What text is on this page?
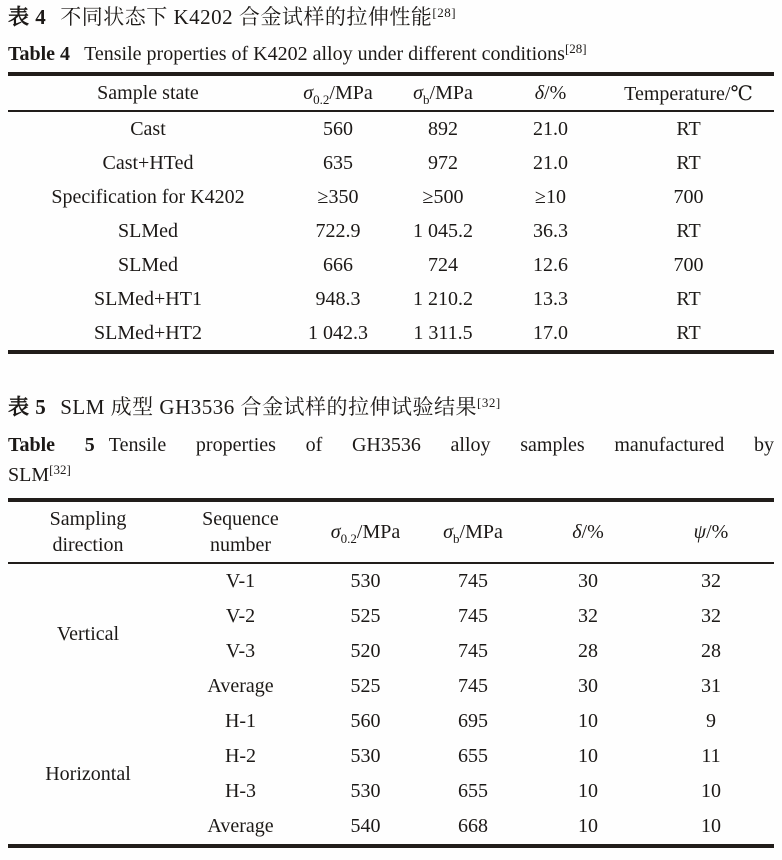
表 4 不同状态下 K4202 合金试样的拉伸性能[28]

Table 4 Tensile properties of K4202 alloy under different conditions[28]

Sample state	$\sigma_{0.2}$/MPa	$\sigma_b$/MPa	δ/%	Temperature/℃
Cast	560	892	21.0	RT
Cast+HTed	635	972	21.0	RT
Specification for K4202	≥350	≥500	≥10	700
SLMed	722.9	1 045.2	36.3	RT
SLMed	666	724	12.6	700
SLMed+HT1	948.3	1 210.2	13.3	RT
SLMed+HT2	1 042.3	1 311.5	17.0	RT

表 5 SLM 成型 GH3536 合金试样的拉伸试验结果[32]

Table 5 Tensile properties of GH3536 alloy samples manufactured by
SLM[32]

Sampling
direction	Sequence
number	$\sigma_{0.2}$/MPa	$\sigma_b$/MPa	δ/%	ψ/%
Vertical	V-1	530	745	30	32
	V-2	525	745	32	32
	V-3	520	745	28	28
	Average	525	745	30	31
Horizontal	H-1	560	695	10	9
	H-2	530	655	10	11
	H-3	530	655	10	10
	Average	540	668	10	10
